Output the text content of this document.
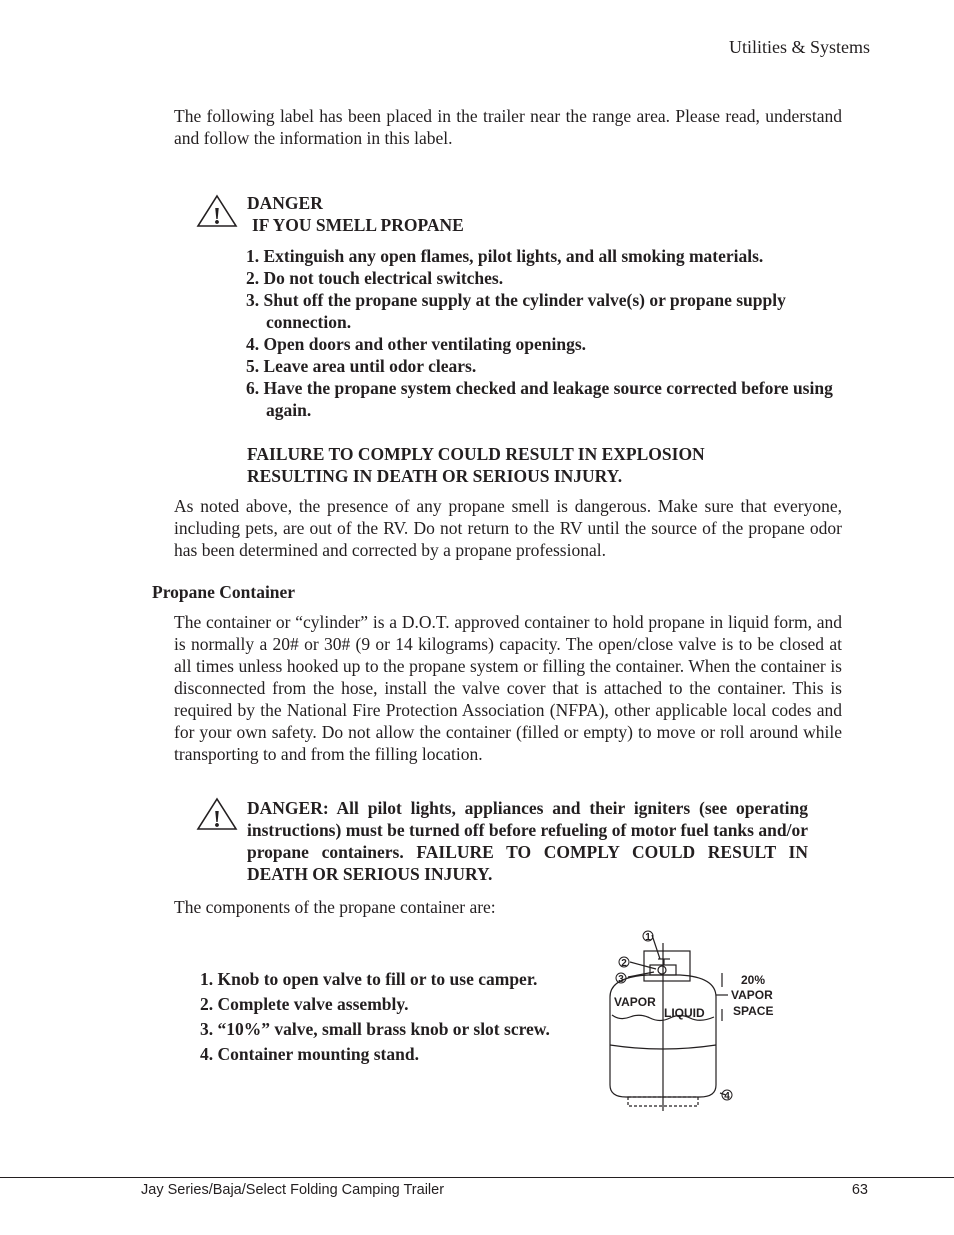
Utilities & Systems

The following label has been placed in the trailer near the range area. Please read, understand and follow the information in this label.

!
DANGER
IF YOU SMELL PROPANE
1. Extinguish any open flames, pilot lights, and all smoking materials.
2. Do not touch electrical switches.
3. Shut off the propane supply at the cylinder valve(s) or propane supply connection.
4. Open doors and other ventilating openings.
5. Leave area until odor clears.
6. Have the propane system checked and leakage source corrected before using again.
FAILURE TO COMPLY COULD RESULT IN EXPLOSION
RESULTING IN DEATH OR SERIOUS INJURY.

As noted above, the presence of any propane smell is dangerous. Make sure that everyone, including pets, are out of the RV. Do not return to the RV until the source of the propane odor has been determined and corrected by a propane professional.

Propane Container

The container or “cylinder” is a D.O.T. approved container to hold propane in liquid form, and is normally a 20# or 30# (9 or 14 kilograms) capacity. The open/close valve is to be closed at all times unless hooked up to the propane system or filling the container. When the container is disconnected from the hose, install the valve cover that is attached to the container. This is required by the National Fire Protection Association (NFPA), other applicable local codes and for your own safety. Do not allow the container (filled or empty) to move or roll around while transporting to and from the filling location.

! DANGER: All pilot lights, appliances and their igniters (see operating instructions) must be turned off before refueling of motor fuel tanks and/or propane containers. FAILURE TO COMPLY COULD RESULT IN DEATH OR SERIOUS INJURY.

The components of the propane container are:

1. Knob to open valve to fill or to use camper.
2. Complete valve assembly.
3. “10%” valve, small brass knob or slot screw.
4. Container mounting stand.
1
2
3
4
VAPOR
LIQUID
20%
VAPOR
SPACE
Jay Series/Baja/Select Folding Camping Trailer	63
